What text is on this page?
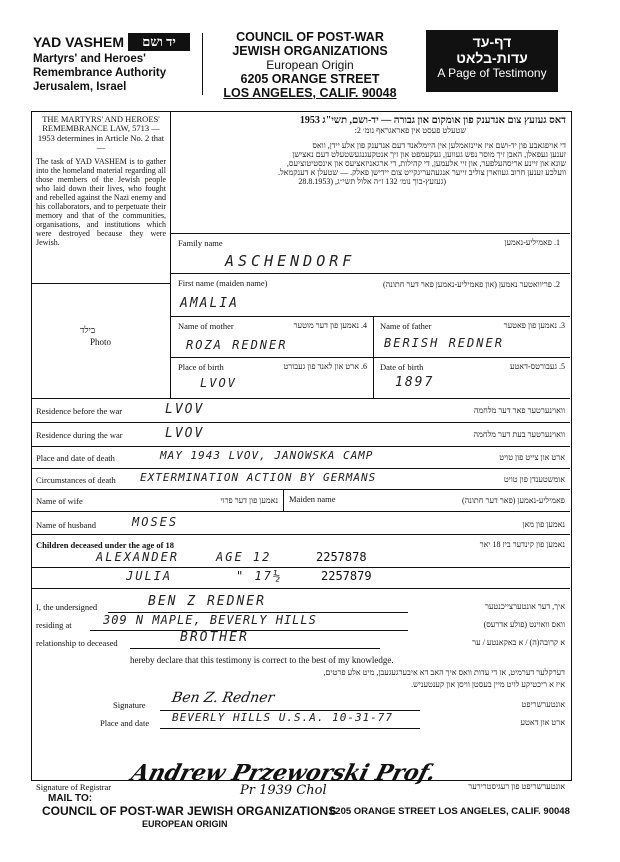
YAD VASHEM	יד ושם
Martyrs' and Heroes'
Remembrance Authority
Jerusalem, Israel
COUNCIL OF POST-WAR
JEWISH ORGANIZATIONS
European Origin
6205 ORANGE STREET
LOS ANGELES, CALIF. 90048
דף-עד
עדות-בלאט
A Page of Testimony
THE MARTYRS' AND HEROES' REMEMBRANCE LAW, 5713 — 1953 determines in Article No. 2 that —
The task of YAD VASHEM is to gather into the homeland material regarding all those members of the Jewish people who laid down their lives, who fought and rebelled against the Nazi enemy and his collaborators, and to perpetuate their memory and that of the communities, organisations, and institutions which were destroyed because they were Jewish.
בילד
Photo
דאס געזעץ צום אנדענק פון אומקום און גבורה — יד-ושם, תשי"ג 1953
שטעלט פעסט אין פאראגראף נומ׳ 2:
די אויפגאבע פון יד-ושם איז איינזאמלען אין היימלאנד דעם אנדענק פון אלע יידן, וואס
זענען געפאלן, האבן זיך מוסר נפש געווען, געקעמפט און זיך אנטקעגנגעשטעלט דעם נאצישן
שונא און זיינע אריסהעלפער, און זיי אלעמען, די קהילות, די ארגאניזאציעס און אינסטיטוציעס,
וועלכע זענען חרוב געווארן צוליב זייער אנגעהעריגקייט צום יידישן פאלק. — שטעלן א דענקמאל.
(געזעץ-בוך נומ׳ 132 ז״ה אלול תשי״ג, (28.8.1953
Family name	1. פאמיליע-נאמען
ASCHENDORF
First name (maiden name)	2. פריוואטער נאמען (און פאמיליע-נאמען פאר דער חתונה)
AMALIA
Name of mother	4. נאמען פון דער מוטער
ROZA REDNER
Name of father	3. נאמען פון פאטער
BERISH REDNER
Place of birth	6. ארט און לאנד פון געבורט
LVOV
Date of birth	5. געבורטס-דאטע
1897
Residence before the war	LVOV	וואוינערטער פאר דער מלחמה
Residence during the war	LVOV	וואוינערטער בעת דער מלחמה
Place and date of death	MAY 1943 LVOV, JANOWSKA CAMP	ארט און צייט פון טויט
Circumstances of death EXTERMINATION ACTION BY GERMANS	אומשטענדן פון טויט
Name of wife	נאמען פון דער פרוי Maiden name	פאמיליע-נאמען (פאר דער חתונה)
Name of husband	MOSES	נאמען פון מאן
Children deceased under the age of 18	נאמען פון קינדער ביז 18 יאר
ALEXANDER	AGE 12	2257878
JULIA	" 17½	2257879
I, the undersigned	BEN Z REDNER	איך, דער אונטערצייכנטער
residing at	309 N MAPLE, BEVERLY HILLS	וואס וואוינט (פולע אדרעס)
relationship to deceased	BROTHER	א קרובה(ה) / א באקאנטע / ער
hereby declare that this testimony is correct to the best of my knowledge.
דערקלער דערמיט, אז די עדות וואס איך האב דא איבערגעגעבן, מיט אלע פרטים,
איז א ריכטיקע לויט מיין בעסטן וויסן און קענטעניש.
Signature Ben Z. Redner	אונטערשריפט
Place and date BEVERLY HILLS U.S.A. 10-31-77	ארט און דאטע
Signature of Registrar
Andrew Przeworski Prof.
Pr 1939 Chol	אונטערשריפט פון רעגיסטרירער
MAIL TO:
COUNCIL OF POST-WAR JEWISH ORGANIZATIONS
6205 ORANGE STREET LOS ANGELES, CALIF. 90048
EUROPEAN ORIGIN
